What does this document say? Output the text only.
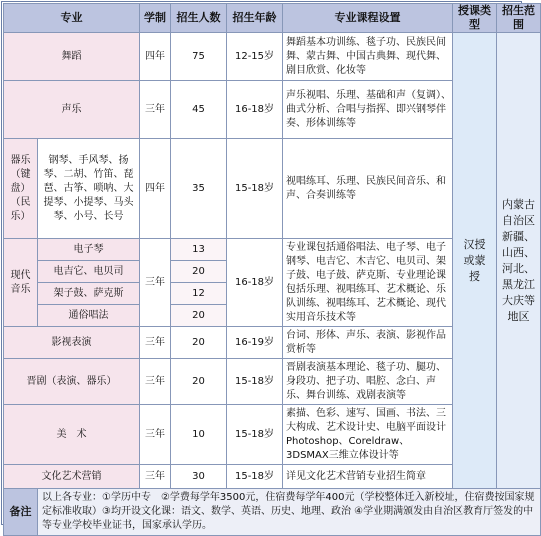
专业		学制	招生人数	招生年龄	专业课程设置	授课类型	招生范围
舞蹈		四年	75	12-15岁	舞蹈基本功训练、毯子功、民族民间舞、蒙古舞、中国古典舞、现代舞、剧目欣赏、化妆等	汉授或蒙授	内蒙古自治区新疆、山西、河北、黑龙江大庆等地区
声乐		三年	45	16-18岁	声乐视唱、乐理、基础和声（复调）、曲式分析、合唱与指挥、即兴钢琴伴奏、形体训练等		
器乐（键盘）（民乐）	钢琴、手风琴、扬琴、二胡、竹笛、琵琶、古筝、唢呐、大提琴、小提琴、马头琴、小号、长号	四年	35	15-18岁	视唱练耳、乐理、民族民间音乐、和声、合奏训练等		
现代音乐	电子琴	三年	13	16-18岁	专业课包括通俗唱法、电子琴、电子钢琴、电吉它、木吉它、电贝司、架子鼓、电子鼓、萨克斯、专业理论课包括乐理、视唱练耳、艺术概论、乐队训练、视唱练耳、艺术概论、现代实用音乐技术等		
	电吉它、电贝司		20				
	架子鼓、萨克斯		12				
	通俗唱法		20				
影视表演		三年	20	16-19岁	台词、形体、声乐、表演、影视作品赏析等		
晋剧（表演、器乐）		三年	20	15-18岁	晋剧表演基本理论、毯子功、腿功、身段功、把子功、唱腔、念白、声乐、舞台训练、戏剧表演等		
美　术		三年	10	15-18岁	素描、色彩、速写、国画、书法、三大构成、艺术设计史、电脑平面设计Photoshop、Coreldraw、3DSMAX三维立体设计等		
文化艺术营销		三年	30	15-18岁	详见文化艺术营销专业招生简章		
备注	以上各专业：①学历中专　②学费每学年3500元，住宿费每学年400元（学校整体迁入新校址，住宿费按国家规定标准收取）③均开设文化课：语文、数学、英语、历史、地理、政治 ④学业期满颁发由自治区教育厅签发的中等专业学校毕业证书，国家承认学历。						
